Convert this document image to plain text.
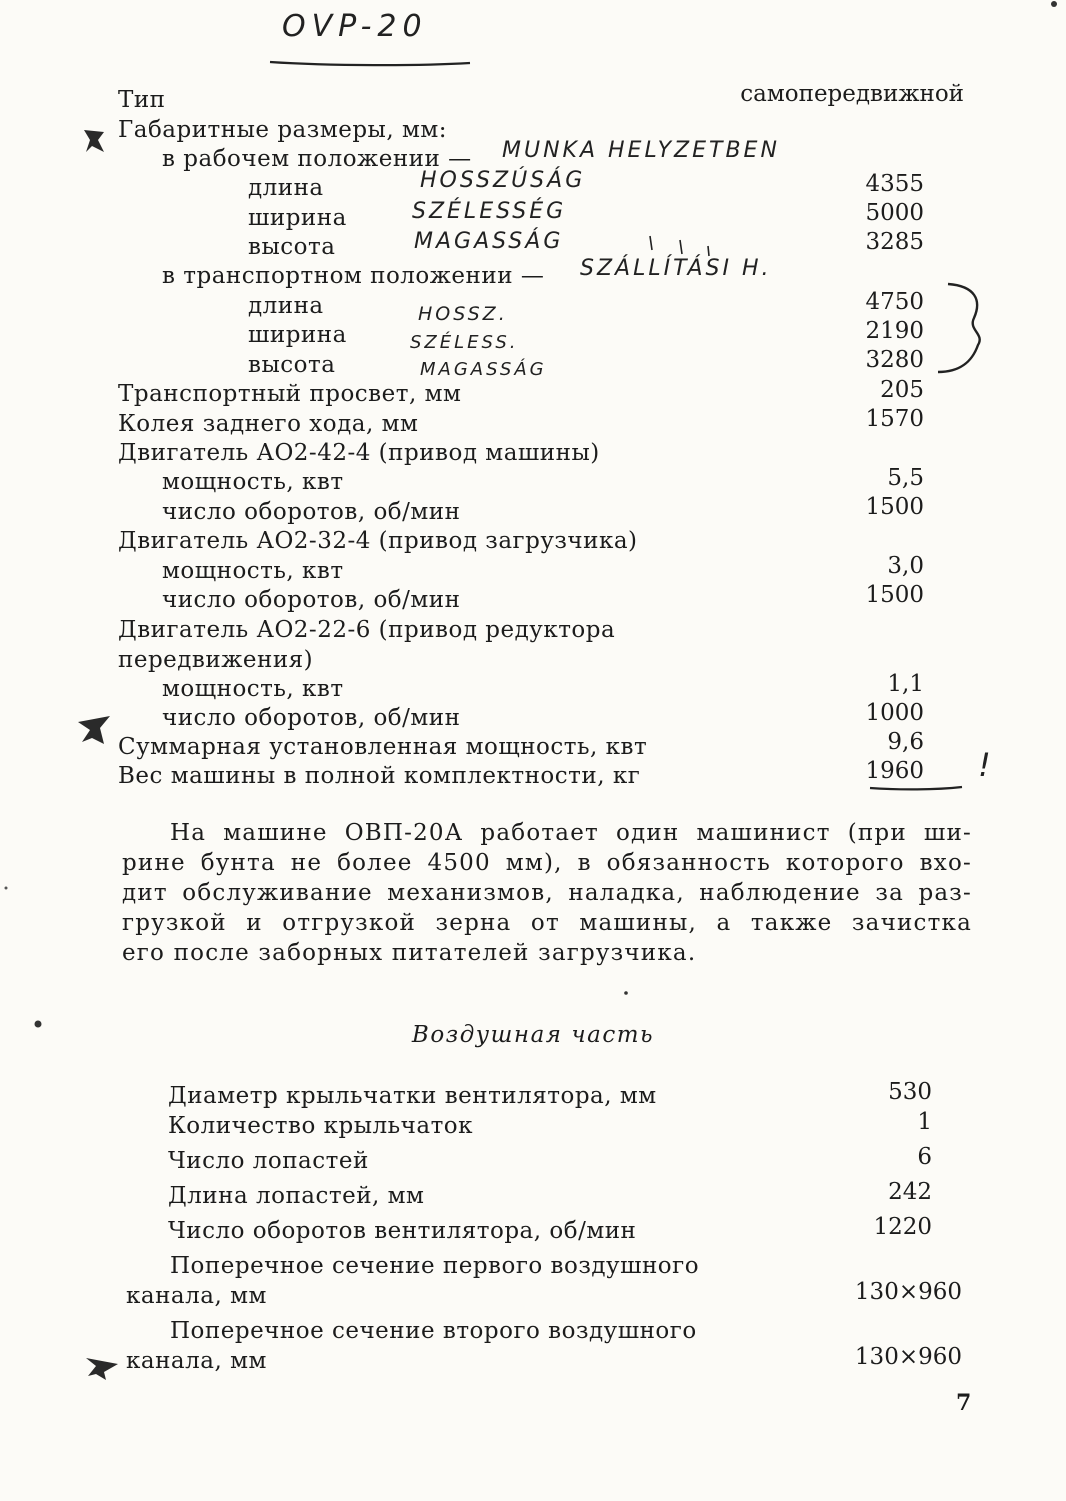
OVP-20
Тип	самопередвижной
Габаритные размеры, мм:
в рабочем положении — MUNKA HELYZETBEN
длина	HOSSZÚSÁG	4355
ширина	SZÉLESSÉG	5000
высота	MAGASSÁG	3285
в транспортном положении — SZÁLLÍTÁSI H.
длина	HOSSZ.	4750
ширина	SZÉLESS.	2190
высота	MAGASSÁG	3280
Транспортный просвет, мм	205
Колея заднего хода, мм	1570
Двигатель АО2-42-4 (привод машины)
мощность, квт	5,5
число оборотов, об/мин	1500
Двигатель АО2-32-4 (привод загрузчика)
мощность, квт	3,0
число оборотов, об/мин	1500
Двигатель АО2-22-6 (привод редуктора
передвижения)
мощность, квт	1,1
число оборотов, об/мин	1000
Суммарная установленная мощность, квт	9,6
Вес машины в полной комплектности, кг	1960 !
На машине ОВП-20А работает один машинист (при ши-
рине бунта не более 4500 мм), в обязанность которого вхо-
дит обслуживание механизмов, наладка, наблюдение за раз-
грузкой и отгрузкой зерна от машины, а также зачистка
его после заборных питателей загрузчика.
Воздушная часть
Диаметр крыльчатки вентилятора, мм	530
Количество крыльчаток	1
Число лопастей	6
Длина лопастей, мм	242
Число оборотов вентилятора, об/мин	1220
Поперечное сечение первого воздушного
канала, мм	130×960
Поперечное сечение второго воздушного
канала, мм	130×960
7
